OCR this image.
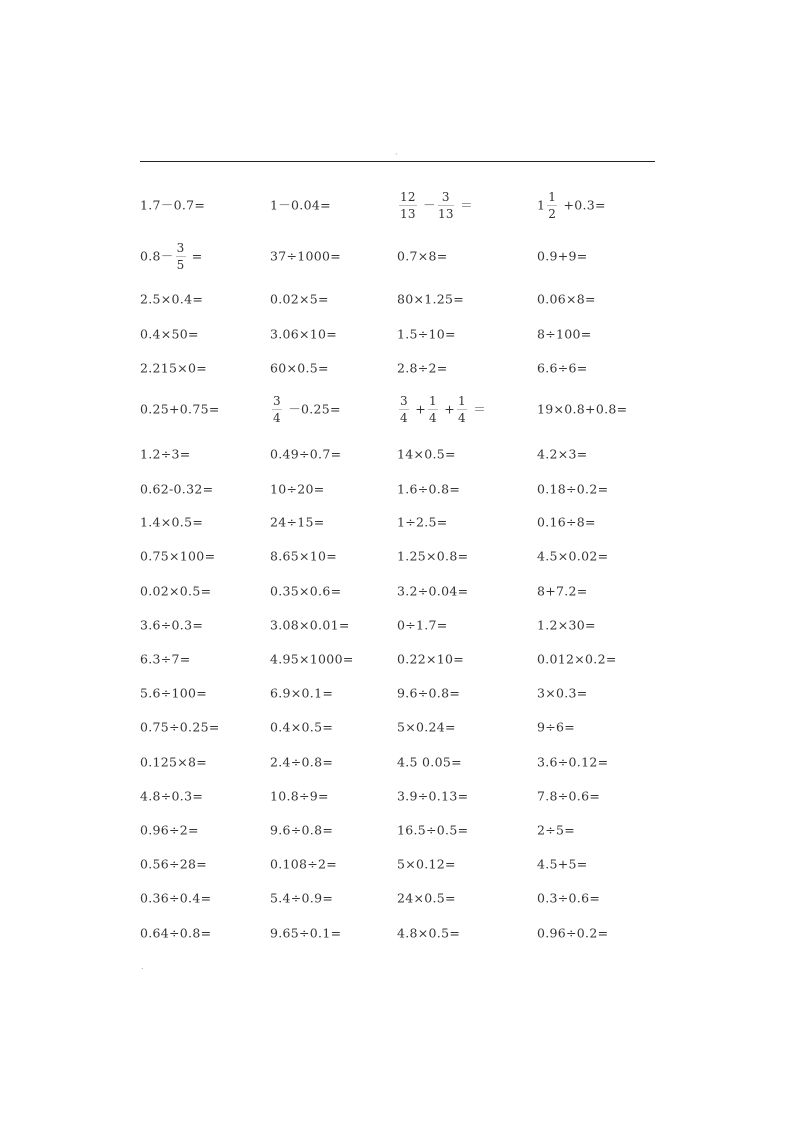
·
.
1.7－0.7=	1－0.04=	$\frac{12}{13} - \frac{3}{13}$ ＝	$1 \frac{1}{2} +0.3=$
$0.8- \frac{3}{5}$ =	37÷1000=	0.7×8=	0.9+9=
2.5×0.4=	0.02×5=	80×1.25=	0.06×8=
0.4×50=	3.06×10=	1.5÷10=	8÷100=
2.215×0=	60×0.5=	2.8÷2=	6.6÷6=
0.25+0.75=	$\frac{3}{4} -0.25=$	$\frac{3}{4} + \frac{1}{4} + \frac{1}{4}$ ＝	19×0.8+0.8=
1.2÷3=	0.49÷0.7=	14×0.5=	4.2×3=
0.62-0.32=	10÷20=	1.6÷0.8=	0.18÷0.2=
1.4×0.5=	24÷15=	1÷2.5=	0.16÷8=
0.75×100=	8.65×10=	1.25×0.8=	4.5×0.02=
0.02×0.5=	0.35×0.6=	3.2÷0.04=	8+7.2=
3.6÷0.3=	3.08×0.01=	0÷1.7=	1.2×30=
6.3÷7=	4.95×1000=	0.22×10=	0.012×0.2=
5.6÷100=	6.9×0.1=	9.6÷0.8=	3×0.3=
0.75÷0.25=	0.4×0.5=	5×0.24=	9÷6=
0.125×8=	2.4÷0.8=	4.5 0.05=	3.6÷0.12=
4.8÷0.3=	10.8÷9=	3.9÷0.13=	7.8÷0.6=
0.96÷2=	9.6÷0.8=	16.5÷0.5=	2÷5=
0.56÷28=	0.108÷2=	5×0.12=	4.5+5=
0.36÷0.4=	5.4÷0.9=	24×0.5=	0.3÷0.6=
0.64÷0.8=	9.65÷0.1=	4.8×0.5=	0.96÷0.2=
